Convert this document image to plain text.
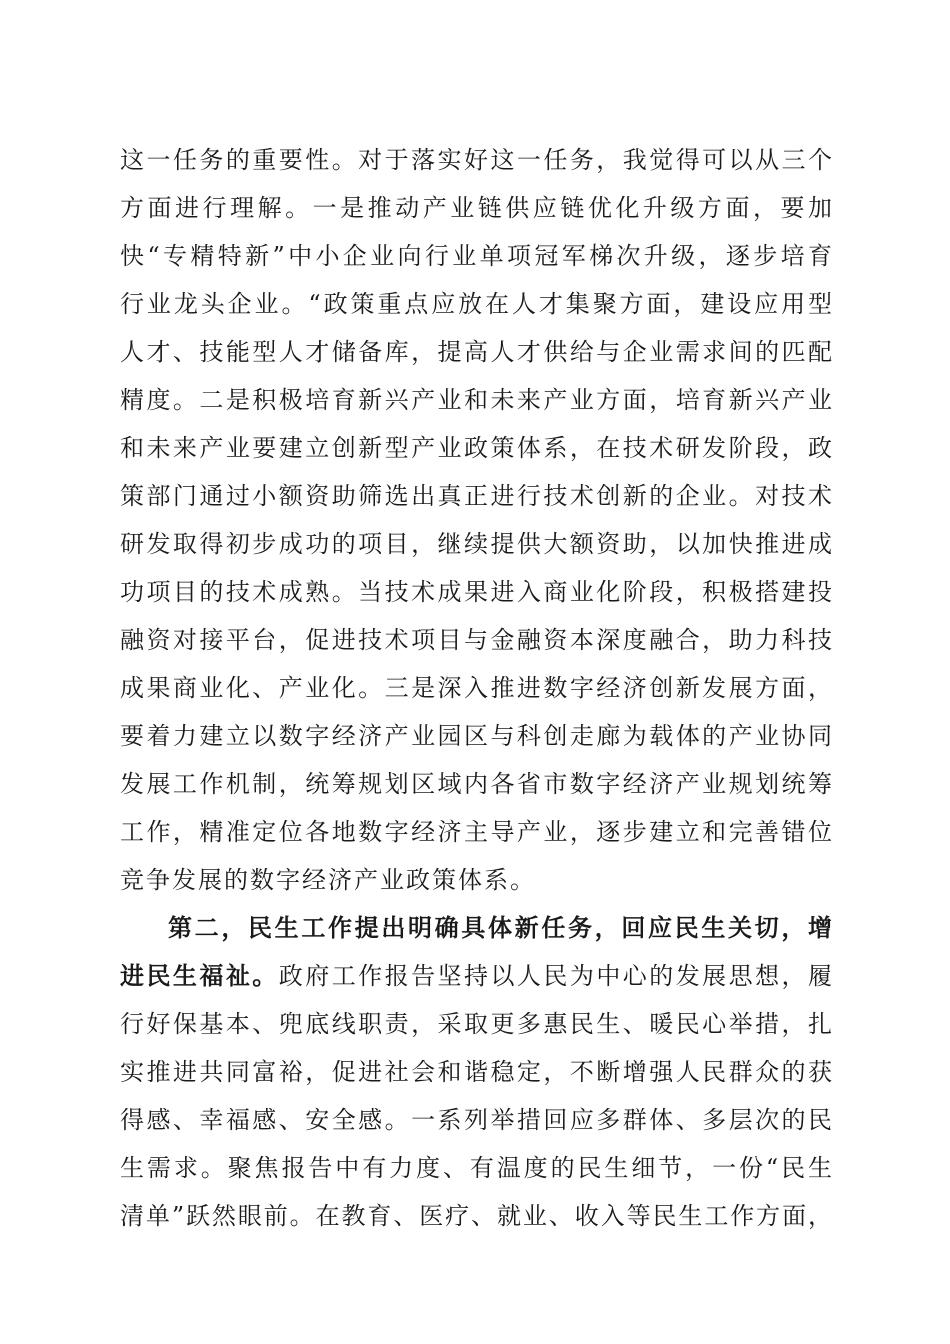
这一任务的重要性。对于落实好这一任务，我觉得可以从三个
方面进行理解。一是推动产业链供应链优化升级方面，要加
快“专精特新”中小企业向行业单项冠军梯次升级，逐步培育
行业龙头企业。“政策重点应放在人才集聚方面，建设应用型
人才、技能型人才储备库，提高人才供给与企业需求间的匹配
精度。二是积极培育新兴产业和未来产业方面，培育新兴产业
和未来产业要建立创新型产业政策体系，在技术研发阶段，政
策部门通过小额资助筛选出真正进行技术创新的企业。对技术
研发取得初步成功的项目，继续提供大额资助，以加快推进成
功项目的技术成熟。当技术成果进入商业化阶段，积极搭建投
融资对接平台，促进技术项目与金融资本深度融合，助力科技
成果商业化、产业化。三是深入推进数字经济创新发展方面，
要着力建立以数字经济产业园区与科创走廊为载体的产业协同
发展工作机制，统筹规划区域内各省市数字经济产业规划统筹
工作，精准定位各地数字经济主导产业，逐步建立和完善错位
竞争发展的数字经济产业政策体系。
第二，民生工作提出明确具体新任务，回应民生关切，增
进民生福祉。政府工作报告坚持以人民为中心的发展思想，履
行好保基本、兜底线职责，采取更多惠民生、暖民心举措，扎
实推进共同富裕，促进社会和谐稳定，不断增强人民群众的获
得感、幸福感、安全感。一系列举措回应多群体、多层次的民
生需求。聚焦报告中有力度、有温度的民生细节，一份“民生
清单”跃然眼前。在教育、医疗、就业、收入等民生工作方面，
